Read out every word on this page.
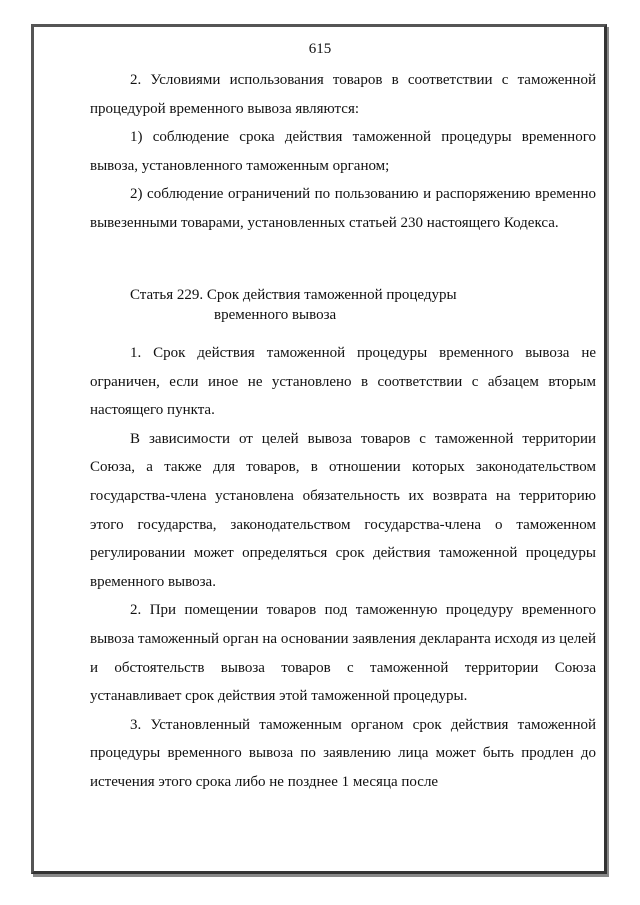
615

2. Условиями использования товаров в соответствии с таможенной процедурой временного вывоза являются:

1) соблюдение срока действия таможенной процедуры временного вывоза, установленного таможенным органом;

2) соблюдение ограничений по пользованию и распоряжению временно вывезенными товарами, установленных статьей 230 настоящего Кодекса.

Статья 229. Срок действия таможенной процедуры
временного вывоза

1. Срок действия таможенной процедуры временного вывоза не ограничен, если иное не установлено в соответствии с абзацем вторым настоящего пункта.

В зависимости от целей вывоза товаров с таможенной территории Союза, а также для товаров, в отношении которых законодательством государства-члена установлена обязательность их возврата на территорию этого государства, законодательством государства-члена о таможенном регулировании может определяться срок действия таможенной процедуры временного вывоза.

2. При помещении товаров под таможенную процедуру временного вывоза таможенный орган на основании заявления декларанта исходя из целей и обстоятельств вывоза товаров с таможенной территории Союза устанавливает срок действия этой таможенной процедуры.

3. Установленный таможенным органом срок действия таможенной процедуры временного вывоза по заявлению лица может быть продлен до истечения этого срока либо не позднее 1 месяца после
